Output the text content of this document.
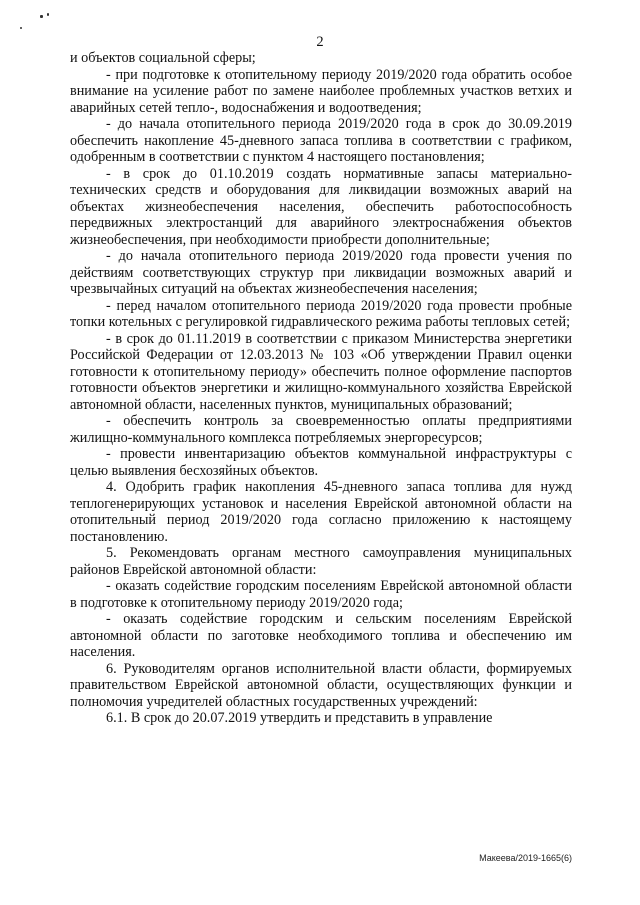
2

и объектов социальной сферы;

- при подготовке к отопительному периоду 2019/2020 года обратить особое внимание на усиление работ по замене наиболее проблемных участков ветхих и аварийных сетей тепло-, водоснабжения и водоотведения;

- до начала отопительного периода 2019/2020 года в срок до 30.09.2019 обеспечить накопление 45-дневного запаса топлива в соответствии с графиком, одобренным в соответствии с пунктом 4 настоящего постановления;

- в срок до 01.10.2019 создать нормативные запасы материально-технических средств и оборудования для ликвидации возможных аварий на объектах жизнеобеспечения населения, обеспечить работоспособность передвижных электростанций для аварийного электроснабжения объектов жизнеобеспечения, при необходимости приобрести дополнительные;

- до начала отопительного периода 2019/2020 года провести учения по действиям соответствующих структур при ликвидации возможных аварий и чрезвычайных ситуаций на объектах жизнеобеспечения населения;

- перед началом отопительного периода 2019/2020 года провести пробные топки котельных с регулировкой гидравлического режима работы тепловых сетей;

- в срок до 01.11.2019 в соответствии с приказом Министерства энергетики Российской Федерации от 12.03.2013 № 103 «Об утверждении Правил оценки готовности к отопительному периоду» обеспечить полное оформление паспортов готовности объектов энергетики и жилищно-коммунального хозяйства Еврейской автономной области, населенных пунктов, муниципальных образований;

- обеспечить контроль за своевременностью оплаты предприятиями жилищно-коммунального комплекса потребляемых энергоресурсов;

- провести инвентаризацию объектов коммунальной инфраструктуры с целью выявления бесхозяйных объектов.

4. Одобрить график накопления 45-дневного запаса топлива для нужд теплогенерирующих установок и населения Еврейской автономной области на отопительный период 2019/2020 года согласно приложению к настоящему постановлению.

5. Рекомендовать органам местного самоуправления муниципальных районов Еврейской автономной области:

- оказать содействие городским поселениям Еврейской автономной области в подготовке к отопительному периоду 2019/2020 года;

- оказать содействие городским и сельским поселениям Еврейской автономной области по заготовке необходимого топлива и обеспечению им населения.

6. Руководителям органов исполнительной власти области, формируемых правительством Еврейской автономной области, осуществляющих функции и полномочия учредителей областных государственных учреждений:

6.1. В срок до 20.07.2019 утвердить и представить в управление

Макеева/2019-1665(6)
